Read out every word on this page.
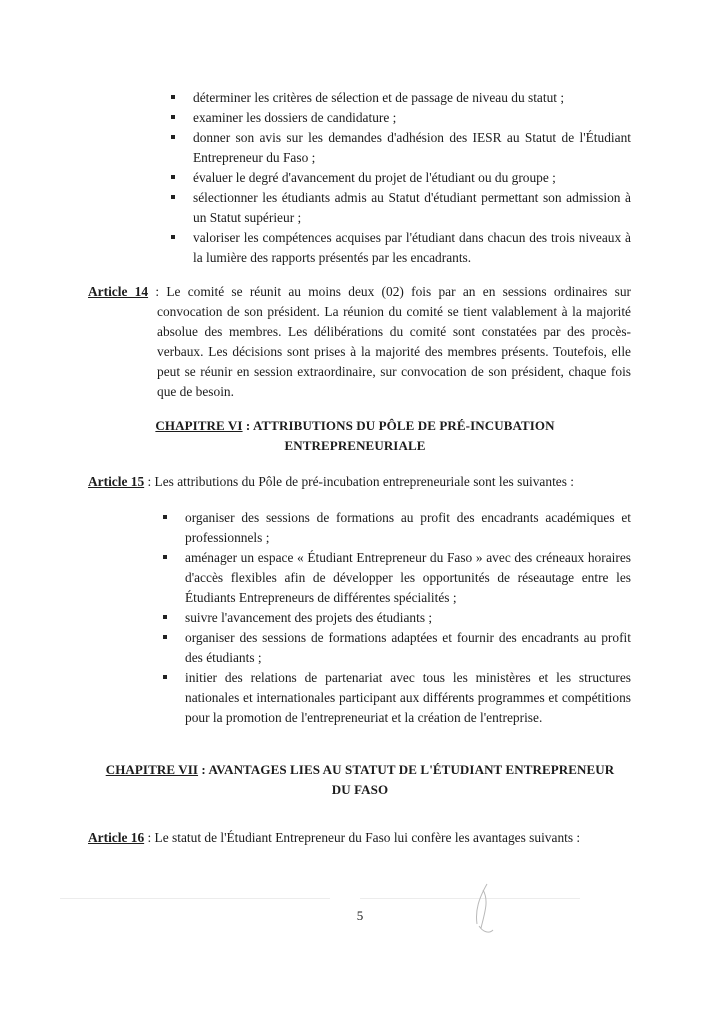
déterminer les critères de sélection et de passage de niveau du statut ;
examiner les dossiers de candidature ;
donner son avis sur les demandes d'adhésion des IESR au Statut de l'Étudiant Entrepreneur du Faso ;
évaluer le degré d'avancement du projet de l'étudiant ou du groupe ;
sélectionner les étudiants admis au Statut d'étudiant permettant son admission à un Statut supérieur ;
valoriser les compétences acquises par l'étudiant dans chacun des trois niveaux à la lumière des rapports présentés par les encadrants.
Article 14 : Le comité se réunit au moins deux (02) fois par an en sessions ordinaires sur convocation de son président. La réunion du comité se tient valablement à la majorité absolue des membres. Les délibérations du comité sont constatées par des procès-verbaux. Les décisions sont prises à la majorité des membres présents. Toutefois, elle peut se réunir en session extraordinaire, sur convocation de son président, chaque fois que de besoin.
CHAPITRE VI : ATTRIBUTIONS DU PÔLE DE PRÉ-INCUBATION
ENTREPRENEURIALE
Article 15 : Les attributions du Pôle de pré-incubation entrepreneuriale sont les suivantes :
organiser des sessions de formations au profit des encadrants académiques et professionnels ;
aménager un espace « Étudiant Entrepreneur du Faso » avec des créneaux horaires d'accès flexibles afin de développer les opportunités de réseautage entre les Étudiants Entrepreneurs de différentes spécialités ;
suivre l'avancement des projets des étudiants ;
organiser des sessions de formations adaptées et fournir des encadrants au profit des étudiants ;
initier des relations de partenariat avec tous les ministères et les structures nationales et internationales participant aux différents programmes et compétitions pour la promotion de l'entrepreneuriat et la création de l'entreprise.
CHAPITRE VII : AVANTAGES LIES AU STATUT DE L'ÉTUDIANT ENTREPRENEUR
DU FASO
Article 16 : Le statut de l'Étudiant Entrepreneur du Faso lui confère les avantages suivants :
5
